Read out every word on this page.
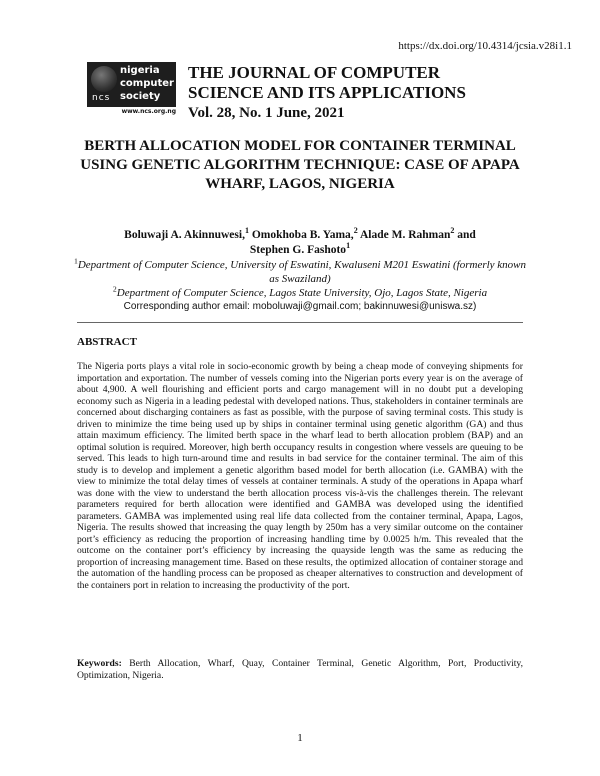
https://dx.doi.org/10.4314/jcsia.v28i1.1
ncs
nigeria
computer
society
www.ncs.org.ng
THE JOURNAL OF COMPUTER
SCIENCE AND ITS APPLICATIONS
Vol. 28, No. 1 June, 2021
BERTH ALLOCATION MODEL FOR CONTAINER TERMINAL USING GENETIC ALGORITHM TECHNIQUE: CASE OF APAPA WHARF, LAGOS, NIGERIA
Boluwaji A. Akinnuwesi,$^1$ Omokhoba B. Yama,$^2$ Alade M. Rahman$^2$ and
Stephen G. Fashoto$^1$
$^1$Department of Computer Science, University of Eswatini, Kwaluseni M201 Eswatini (formerly known as Swaziland)
$^2$Department of Computer Science, Lagos State University, Ojo, Lagos State, Nigeria
Corresponding author email: moboluwaji@gmail.com; bakinnuwesi@uniswa.sz)
ABSTRACT
The Nigeria ports plays a vital role in socio-economic growth by being a cheap mode of conveying shipments for importation and exportation. The number of vessels coming into the Nigerian ports every year is on the average of about 4,900. A well flourishing and efficient ports and cargo management will in no doubt put a developing economy such as Nigeria in a leading pedestal with developed nations. Thus, stakeholders in container terminals are concerned about discharging containers as fast as possible, with the purpose of saving terminal costs. This study is driven to minimize the time being used up by ships in container terminal using genetic algorithm (GA) and thus attain maximum efficiency. The limited berth space in the wharf lead to berth allocation problem (BAP) and an optimal solution is required. Moreover, high berth occupancy results in congestion where vessels are queuing to be served. This leads to high turn-around time and results in bad service for the container terminal. The aim of this study is to develop and implement a genetic algorithm based model for berth allocation (i.e. GAMBA) with the view to minimize the total delay times of vessels at container terminals. A study of the operations in Apapa wharf was done with the view to understand the berth allocation process vis-à-vis the challenges therein. The relevant parameters required for berth allocation were identified and GAMBA was developed using the identified parameters. GAMBA was implemented using real life data collected from the container terminal, Apapa, Lagos, Nigeria. The results showed that increasing the quay length by 250m has a very similar outcome on the container port’s efficiency as reducing the proportion of increasing handling time by 0.0025 h/m. This revealed that the outcome on the container port’s efficiency by increasing the quayside length was the same as reducing the proportion of increasing management time. Based on these results, the optimized allocation of container storage and the automation of the handling process can be proposed as cheaper alternatives to construction and development of the containers port in relation to increasing the productivity of the port.
Keywords: Berth Allocation, Wharf, Quay, Container Terminal, Genetic Algorithm, Port, Productivity, Optimization, Nigeria.
1
